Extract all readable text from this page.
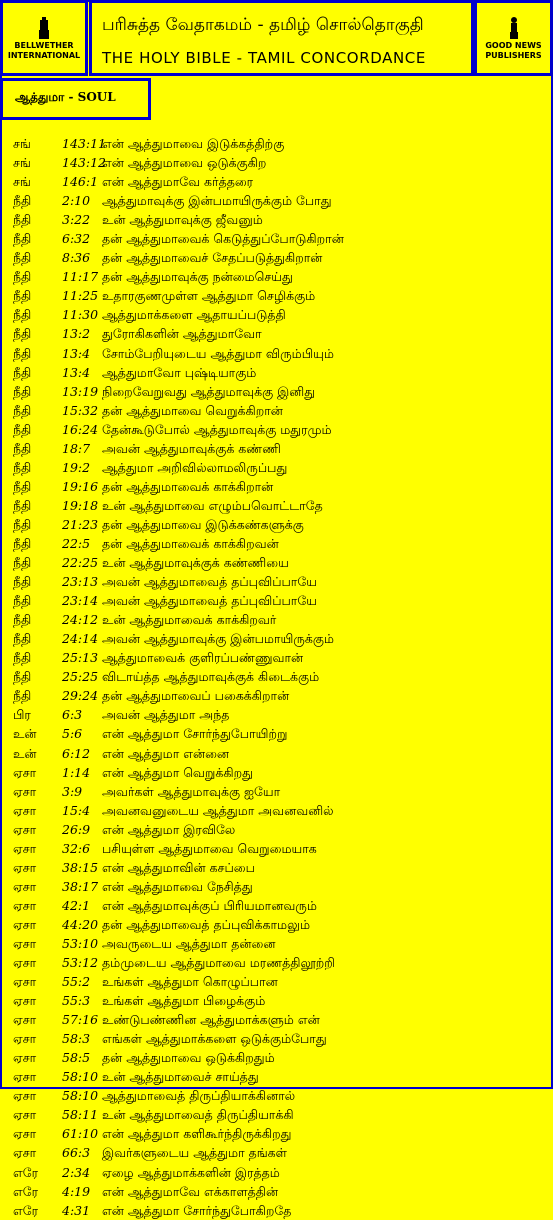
BELLWETHER INTERNATIONAL
பரிசுத்த வேதாகமம் - தமிழ் சொல்தொகுதி
THE HOLY BIBLE - TAMIL CONCORDANCE
GOOD NEWS PUBLISHERS
ஆத்துமா - SOUL
சங் 143:11
என் ஆத்துமாவை இடுக்கத்திற்கு
சங் 143:12
என் ஆத்துமாவை ஒடுக்குகிற
சங் 146:1 என் ஆத்துமாவே கர்த்தரை
நீதி 2:10 ஆத்துமாவுக்கு இன்பமாயிருக்கும் போது
நீதி 3:22 உன் ஆத்துமாவுக்கு ஜீவனும்
நீதி 6:32 தன் ஆத்துமாவைக் கெடுத்துப்போடுகிறான்
நீதி 8:36 தன் ஆத்துமாவைச் சேதப்படுத்துகிறான்
நீதி 11:17 தன் ஆத்துமாவுக்கு நன்மைசெய்து
நீதி 11:25 உதாரகுணமுள்ள ஆத்துமா செழிக்கும்
நீதி 11:30 ஆத்துமாக்களை ஆதாயப்படுத்தி
நீதி 13:2 துரோகிகளின் ஆத்துமாவோ
நீதி 13:4 சோம்பேறியுடைய ஆத்துமா விரும்பியும்
நீதி 13:4 ஆத்துமாவோ புஷ்டியாகும்
நீதி 13:19 நிறைவேறுவது ஆத்துமாவுக்கு இனிது
நீதி 15:32 தன் ஆத்துமாவை வெறுக்கிறான்
நீதி 16:24 தேன்கூடுபோல் ஆத்துமாவுக்கு மதுரமும்
நீதி 18:7 அவன் ஆத்துமாவுக்குக் கண்ணி
நீதி 19:2 ஆத்துமா அறிவில்லாமலிருப்பது
நீதி 19:16 தன் ஆத்துமாவைக் காக்கிறான்
நீதி 19:18 உன் ஆத்துமாவை எழும்பவொட்டாதே
நீதி 21:23 தன் ஆத்துமாவை இடுக்கண்களுக்கு
நீதி 22:5 தன் ஆத்துமாவைக் காக்கிறவன்
நீதி 22:25 உன் ஆத்துமாவுக்குக் கண்ணியை
நீதி 23:13 அவன் ஆத்துமாவைத் தப்புவிப்பாயே
நீதி 23:14 அவன் ஆத்துமாவைத் தப்புவிப்பாயே
நீதி 24:12 உன் ஆத்துமாவைக் காக்கிறவர்
நீதி 24:14 அவன் ஆத்துமாவுக்கு இன்பமாயிருக்கும்
நீதி 25:13 ஆத்துமாவைக் குளிரப்பண்ணுவான்
நீதி 25:25 விடாய்த்த ஆத்துமாவுக்குக் கிடைக்கும்
நீதி 29:24 தன் ஆத்துமாவைப் பகைக்கிறான்
பிர 6:3 அவன் ஆத்துமா அந்த
உன் 5:6 என் ஆத்துமா சோர்ந்துபோயிற்று
உன் 6:12 என் ஆத்துமா என்னை
ஏசா 1:14 என் ஆத்துமா வெறுக்கிறது
ஏசா 3:9 அவர்கள் ஆத்துமாவுக்கு ஐயோ
ஏசா 15:4 அவனவனுடைய ஆத்துமா அவனவனில்
ஏசா 26:9 என் ஆத்துமா இரவிலே
ஏசா 32:6 பசியுள்ள ஆத்துமாவை வெறுமையாக
ஏசா 38:15 என் ஆத்துமாவின் கசப்பை
ஏசா 38:17 என் ஆத்துமாவை நேசித்து
ஏசா 42:1 என் ஆத்துமாவுக்குப் பிரியமானவரும்
ஏசா 44:20 தன் ஆத்துமாவைத் தப்புவிக்காமலும்
ஏசா 53:10 அவருடைய ஆத்துமா தன்னை
ஏசா 53:12 தம்முடைய ஆத்துமாவை மரணத்திலூற்றி
ஏசா 55:2 உங்கள் ஆத்துமா கொழுப்பான
ஏசா 55:3 உங்கள் ஆத்துமா பிழைக்கும்
ஏசா 57:16 உண்டுபண்ணின ஆத்துமாக்களும் என்
ஏசா 58:3 எங்கள் ஆத்துமாக்களை ஒடுக்கும்போது
ஏசா 58:5 தன் ஆத்துமாவை ஒடுக்கிறதும்
ஏசா 58:10 உன் ஆத்துமாவைச் சாய்த்து
ஏசா 58:10 ஆத்துமாவைத் திருப்தியாக்கினால்
ஏசா 58:11 உன் ஆத்துமாவைத் திருப்தியாக்கி
ஏசா 61:10 என் ஆத்துமா களிகூர்ந்திருக்கிறது
ஏசா 66:3 இவர்களுடைய ஆத்துமா தங்கள்
எரே 2:34 ஏழை ஆத்துமாக்களின் இரத்தம்
எரே 4:19 என் ஆத்துமாவே எக்காளத்தின்
எரே 4:31 என் ஆத்துமா சோர்ந்துபோகிறதே
